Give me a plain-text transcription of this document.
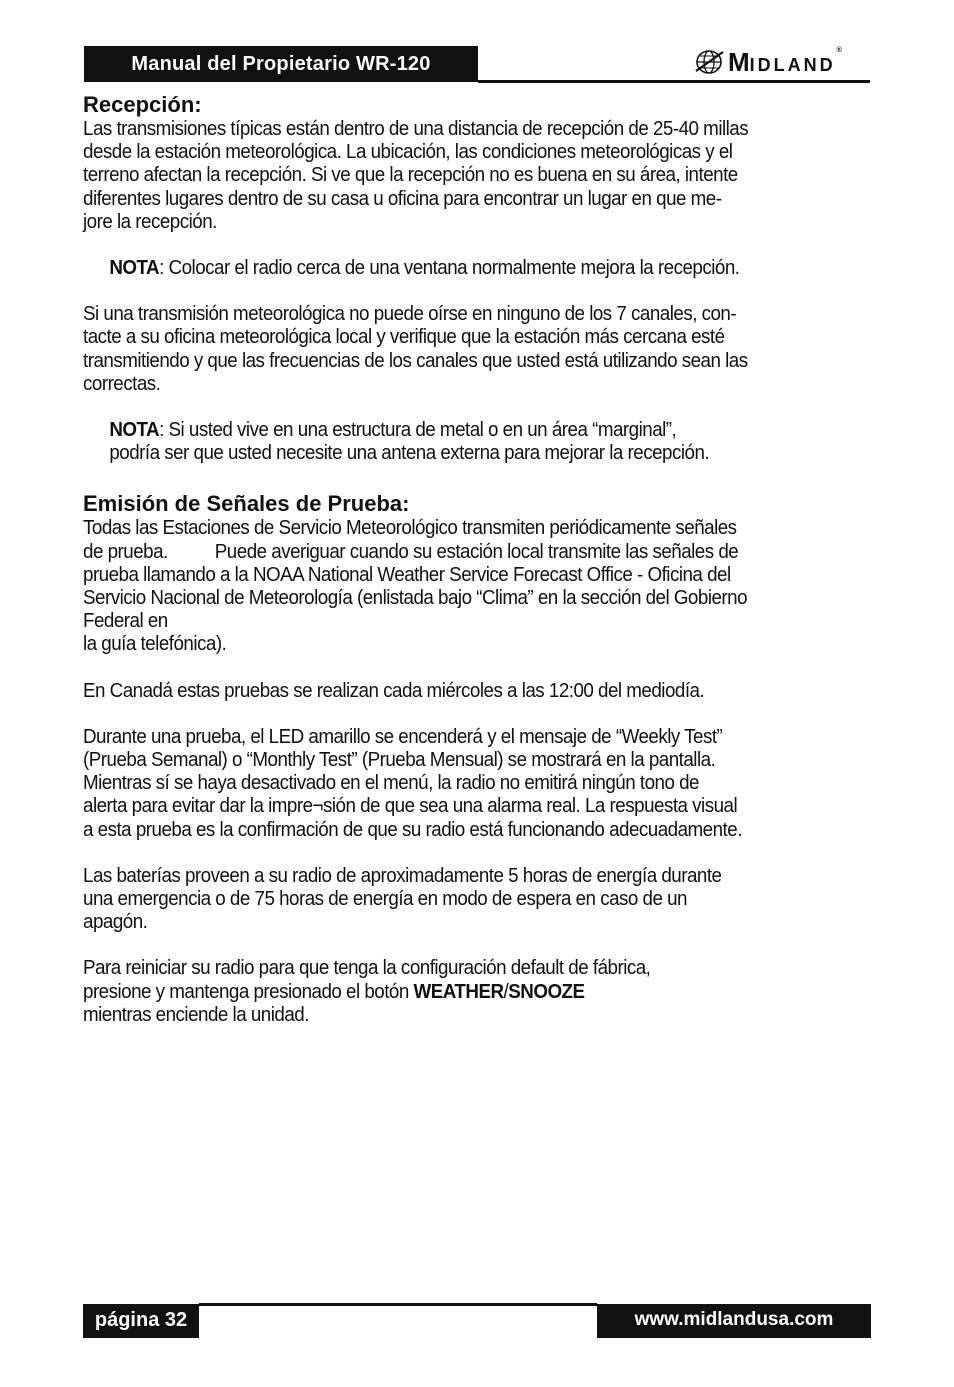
Manual del Propietario WR-120	MIDLAND®
Recepción:

Las transmisiones típicas están dentro de una distancia de recepción de 25-40 millas

desde la estación meteorológica. La ubicación, las condiciones meteorológicas y el

terreno afectan la recepción. Si ve que la recepción no es buena en su área, intente

diferentes lugares dentro de su casa u oficina para encontrar un lugar en que me-

jore la recepción.

NOTA: Colocar el radio cerca de una ventana normalmente mejora la recepción.

Si una transmisión meteorológica no puede oírse en ninguno de los 7 canales, con-

tacte a su oficina meteorológica local y verifique que la estación más cercana esté

transmitiendo y que las frecuencias de los canales que usted está utilizando sean las

correctas.

NOTA: Si usted vive en una estructura de metal o en un área “marginal”,

podría ser que usted necesite una antena externa para mejorar la recepción.

Emisión de Señales de Prueba:

Todas las Estaciones de Servicio Meteorológico transmiten periódicamente señales

de prueba.          Puede averiguar cuando su estación local transmite las señales de

prueba llamando a la NOAA National Weather Service Forecast Office - Oficina del

Servicio Nacional de Meteorología (enlistada bajo “Clima” en la sección del Gobierno

Federal en

la guía telefónica).

En Canadá estas pruebas se realizan cada miércoles a las 12:00 del mediodía.

Durante una prueba, el LED amarillo se encenderá y el mensaje de “Weekly Test”

(Prueba Semanal) o “Monthly Test” (Prueba Mensual) se mostrará en la pantalla.

Mientras sí se haya desactivado en el menú, la radio no emitirá ningún tono de

alerta para evitar dar la impre¬sión de que sea una alarma real. La respuesta visual

a esta prueba es la confirmación de que su radio está funcionando adecuadamente.

Las baterías proveen a su radio de aproximadamente 5 horas de energía durante

una emergencia o de 75 horas de energía en modo de espera en caso de un

apagón.

Para reiniciar su radio para que tenga la configuración default de fábrica,

presione y mantenga presionado el botón WEATHER/SNOOZE

mientras enciende la unidad.

página 32	www.midlandusa.com
